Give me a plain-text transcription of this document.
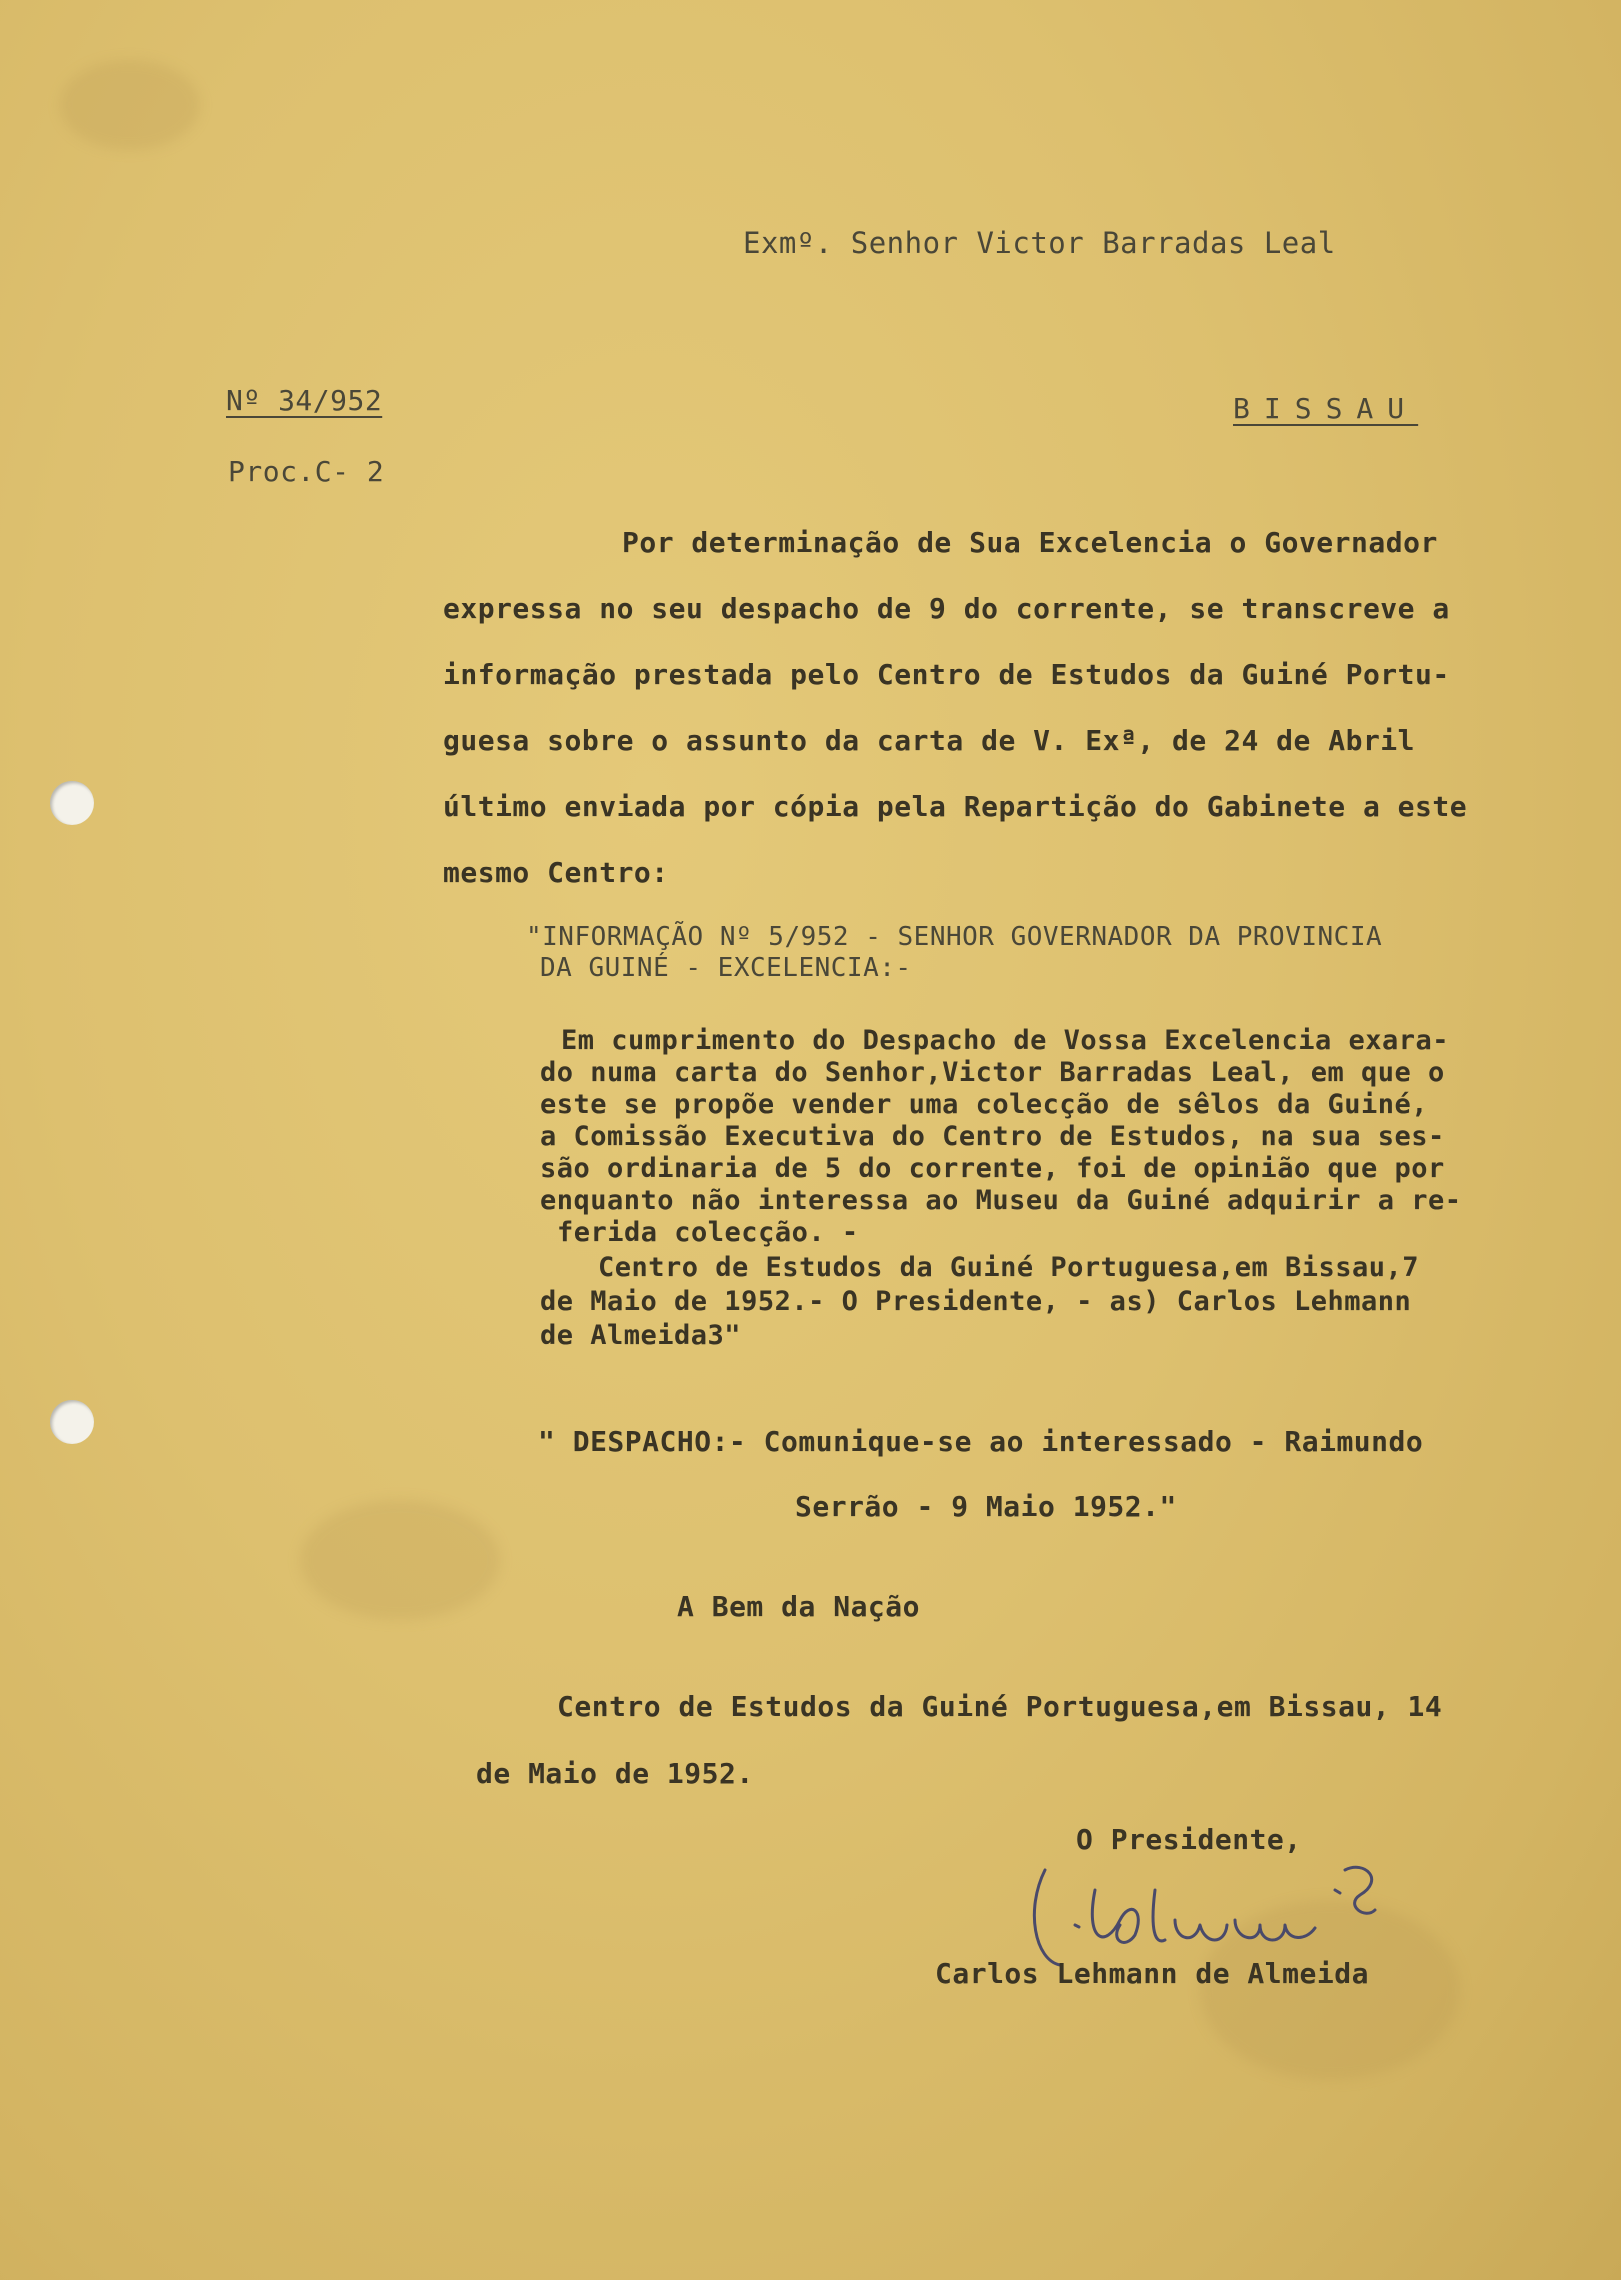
Exmº. Senhor Victor Barradas Leal
BISSAU
Nº 34/952
Proc.C- 2
Por determinação de Sua Excelencia o Governador
expressa no seu despacho de 9 do corrente, se transcreve a
informação prestada pelo Centro de Estudos da Guiné Portu-
guesa sobre o assunto da carta de V. Exª, de 24 de Abril
último enviada por cópia pela Repartição do Gabinete a este
mesmo Centro:
"INFORMAÇÃO Nº 5/952 - SENHOR GOVERNADOR DA PROVINCIA
DA GUINÉ - EXCELENCIA:-
Em cumprimento do Despacho de Vossa Excelencia exara-
do numa carta do Senhor,Victor Barradas Leal, em que o
este se propõe vender uma colecção de sêlos da Guiné,
a Comissão Executiva do Centro de Estudos, na sua ses-
são ordinaria de 5 do corrente, foi de opinião que por
enquanto não interessa ao Museu da Guiné adquirir a re-
ferida colecção. -
Centro de Estudos da Guiné Portuguesa,em Bissau,7
de Maio de 1952.- O Presidente, - as) Carlos Lehmann
de Almeida3"
" DESPACHO:- Comunique-se ao interessado - Raimundo
Serrão - 9 Maio 1952."
A Bem da Nação
Centro de Estudos da Guiné Portuguesa,em Bissau, 14
de Maio de 1952.
O Presidente,
Carlos Lehmann de Almeida
